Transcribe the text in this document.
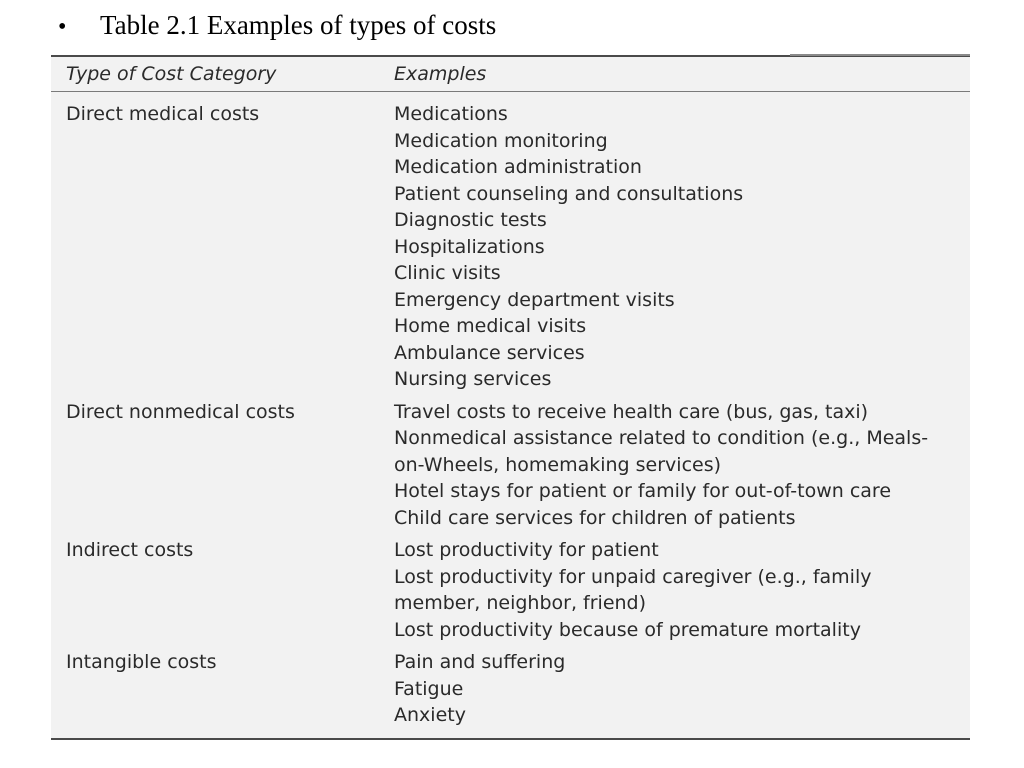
•	Table 2.1 Examples of types of costs
Type of Cost Category	Examples
Direct medical costs	Medications
Medication monitoring
Medication administration
Patient counseling and consultations
Diagnostic tests
Hospitalizations
Clinic visits
Emergency department visits
Home medical visits
Ambulance services
Nursing services
Direct nonmedical costs	Travel costs to receive health care (bus, gas, taxi)
Nonmedical assistance related to condition (e.g., Meals-on-Wheels, homemaking services)
Hotel stays for patient or family for out-of-town care
Child care services for children of patients
Indirect costs	Lost productivity for patient
Lost productivity for unpaid caregiver (e.g., family member, neighbor, friend)
Lost productivity because of premature mortality
Intangible costs	Pain and suffering
Fatigue
Anxiety
